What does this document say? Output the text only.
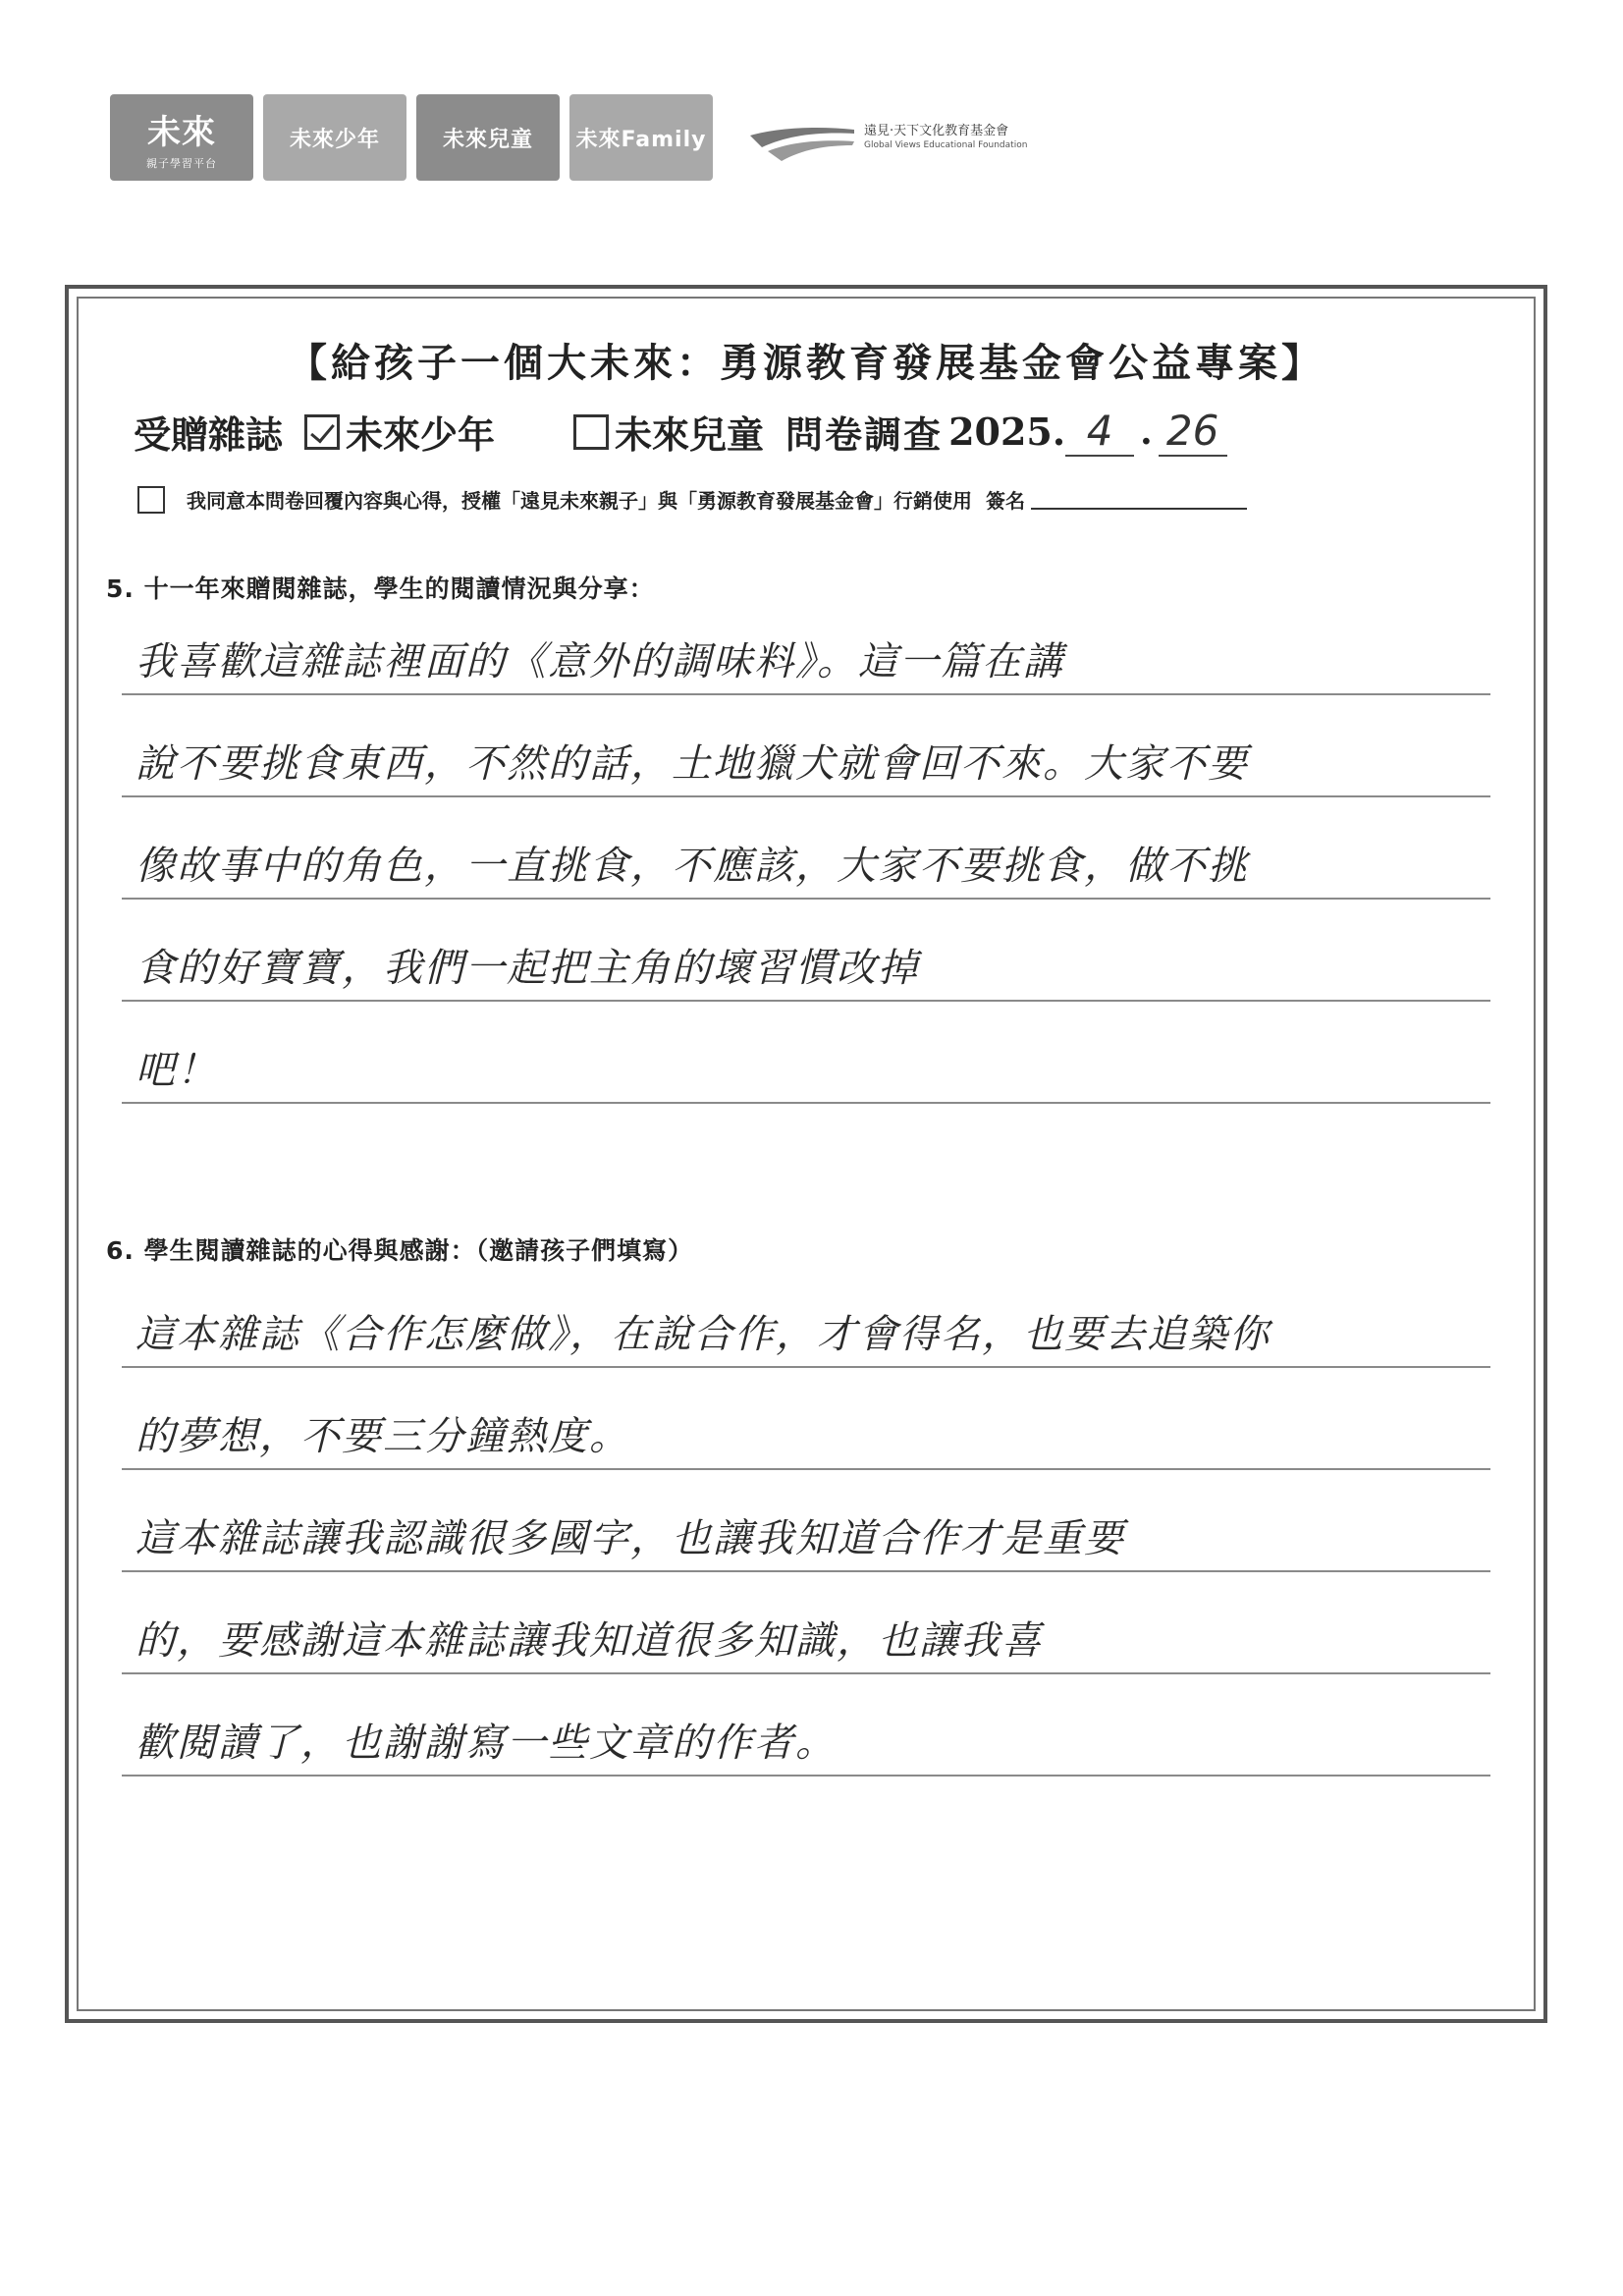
未來
親子學習平台
未來少年	未來兒童 未來Family	遠見·天下文化教育基金會
Global Views Educational Foundation
【給孩子一個大未來：勇源教育發展基金會公益專案】
受贈雜誌 未來少年	未來兒童 問卷調查 2025. 4 . 26
我同意本問卷回覆內容與心得，授權「遠見未來親子」與「勇源教育發展基金會」行銷使用 簽名
5. 十一年來贈閱雜誌，學生的閱讀情況與分享：
我喜歡這雜誌裡面的《意外的調味料》。這一篇在講
說不要挑食東西，不然的話，土地獵犬就會回不來。大家不要
像故事中的角色，一直挑食，不應該，大家不要挑食，做不挑
食的好寶寶，我們一起把主角的壞習慣改掉
吧！
6. 學生閱讀雜誌的心得與感謝：（邀請孩子們填寫）
這本雜誌《合作怎麼做》，在說合作，才會得名，也要去追築你
的夢想，不要三分鐘熱度。
這本雜誌讓我認識很多國字，也讓我知道合作才是重要
的，要感謝這本雜誌讓我知道很多知識，也讓我喜
歡閱讀了，也謝謝寫一些文章的作者。
